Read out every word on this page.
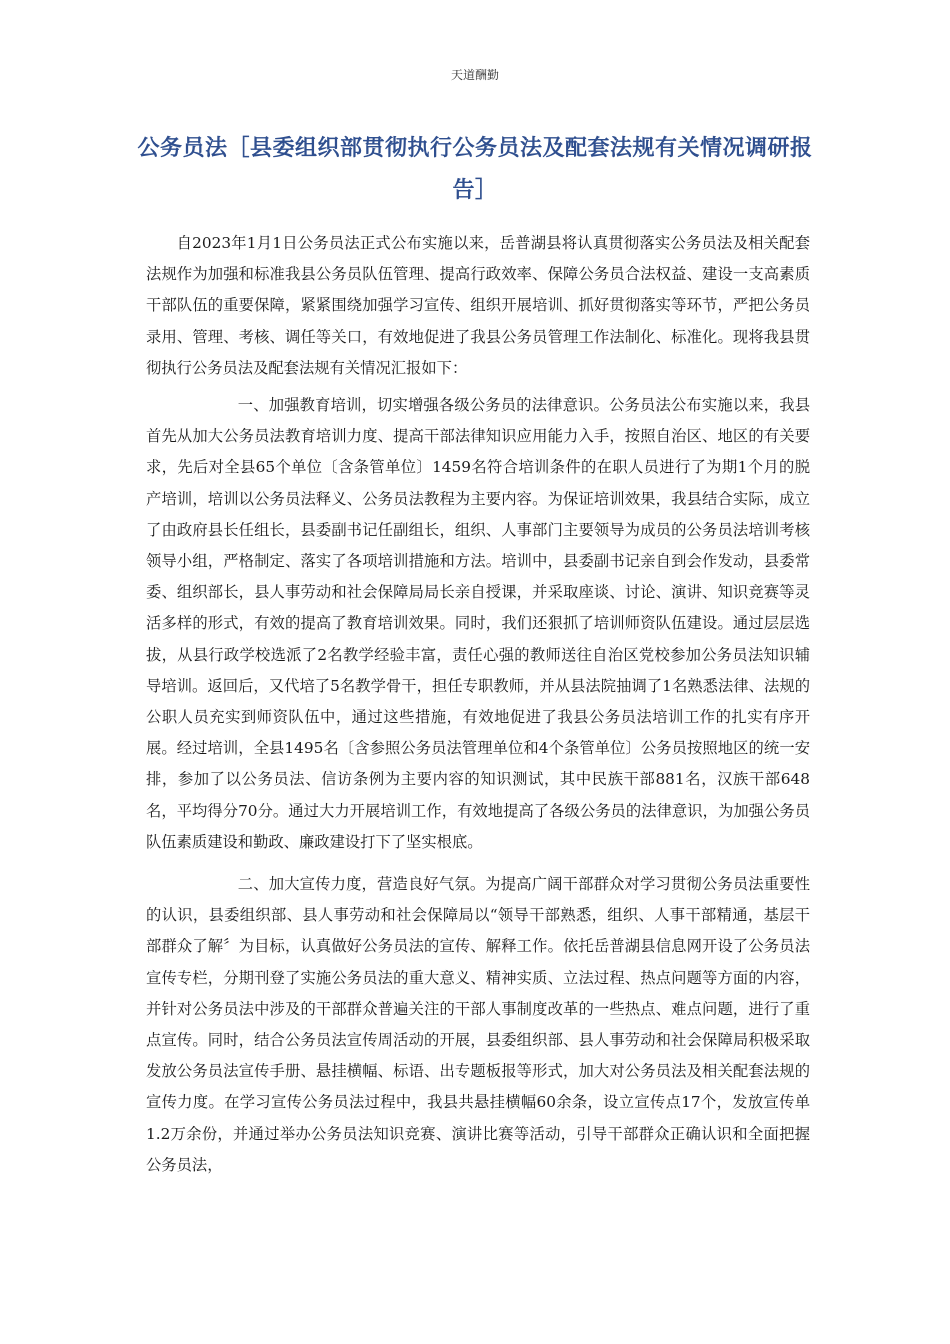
天道酬勤
公务员法［县委组织部贯彻执行公务员法及配套法规有关情况调研报告］

自2023年1月1日公务员法正式公布实施以来，岳普湖县将认真贯彻落实公务员法及相关配套法规作为加强和标准我县公务员队伍管理、提高行政效率、保障公务员合法权益、建设一支高素质干部队伍的重要保障，紧紧围绕加强学习宣传、组织开展培训、抓好贯彻落实等环节，严把公务员录用、管理、考核、调任等关口，有效地促进了我县公务员管理工作法制化、标准化。现将我县贯彻执行公务员法及配套法规有关情况汇报如下：

一、加强教育培训，切实增强各级公务员的法律意识。公务员法公布实施以来，我县首先从加大公务员法教育培训力度、提高干部法律知识应用能力入手，按照自治区、地区的有关要求，先后对全县65个单位〔含条管单位〕1459名符合培训条件的在职人员进行了为期1个月的脱产培训，培训以公务员法释义、公务员法教程为主要内容。为保证培训效果，我县结合实际，成立了由政府县长任组长，县委副书记任副组长，组织、人事部门主要领导为成员的公务员法培训考核领导小组，严格制定、落实了各项培训措施和方法。培训中，县委副书记亲自到会作发动，县委常委、组织部长，县人事劳动和社会保障局局长亲自授课，并采取座谈、讨论、演讲、知识竞赛等灵活多样的形式，有效的提高了教育培训效果。同时，我们还狠抓了培训师资队伍建设。通过层层选拔，从县行政学校选派了2名教学经验丰富，责任心强的教师送往自治区党校参加公务员法知识辅导培训。返回后，又代培了5名教学骨干，担任专职教师，并从县法院抽调了1名熟悉法律、法规的公职人员充实到师资队伍中，通过这些措施，有效地促进了我县公务员法培训工作的扎实有序开展。经过培训，全县1495名〔含参照公务员法管理单位和4个条管单位〕公务员按照地区的统一安排，参加了以公务员法、信访条例为主要内容的知识测试，其中民族干部881名，汉族干部648名，平均得分70分。通过大力开展培训工作，有效地提高了各级公务员的法律意识，为加强公务员队伍素质建设和勤政、廉政建设打下了坚实根底。

二、加大宣传力度，营造良好气氛。为提高广阔干部群众对学习贯彻公务员法重要性的认识，县委组织部、县人事劳动和社会保障局以“领导干部熟悉，组织、人事干部精通，基层干部群众了解〞为目标，认真做好公务员法的宣传、解释工作。依托岳普湖县信息网开设了公务员法宣传专栏，分期刊登了实施公务员法的重大意义、精神实质、立法过程、热点问题等方面的内容，并针对公务员法中涉及的干部群众普遍关注的干部人事制度改革的一些热点、难点问题，进行了重点宣传。同时，结合公务员法宣传周活动的开展，县委组织部、县人事劳动和社会保障局积极采取发放公务员法宣传手册、悬挂横幅、标语、出专题板报等形式，加大对公务员法及相关配套法规的宣传力度。在学习宣传公务员法过程中，我县共悬挂横幅60余条，设立宣传点17个，发放宣传单1.2万余份，并通过举办公务员法知识竞赛、演讲比赛等活动，引导干部群众正确认识和全面把握公务员法，
